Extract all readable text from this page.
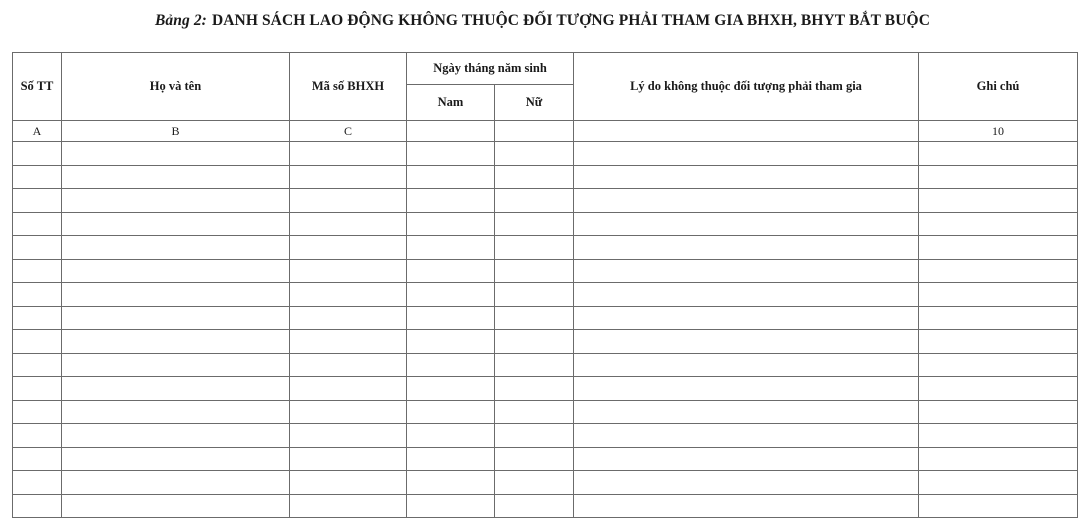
Bảng 2: DANH SÁCH LAO ĐỘNG KHÔNG THUỘC ĐỐI TƯỢNG PHẢI THAM GIA BHXH, BHYT BẮT BUỘC
Số TT	Họ và tên	Mã số BHXH	Ngày tháng năm sinh		Lý do không thuộc đối tượng phải tham gia	Ghi chú
			Nam	Nữ		
A	B	C				10
